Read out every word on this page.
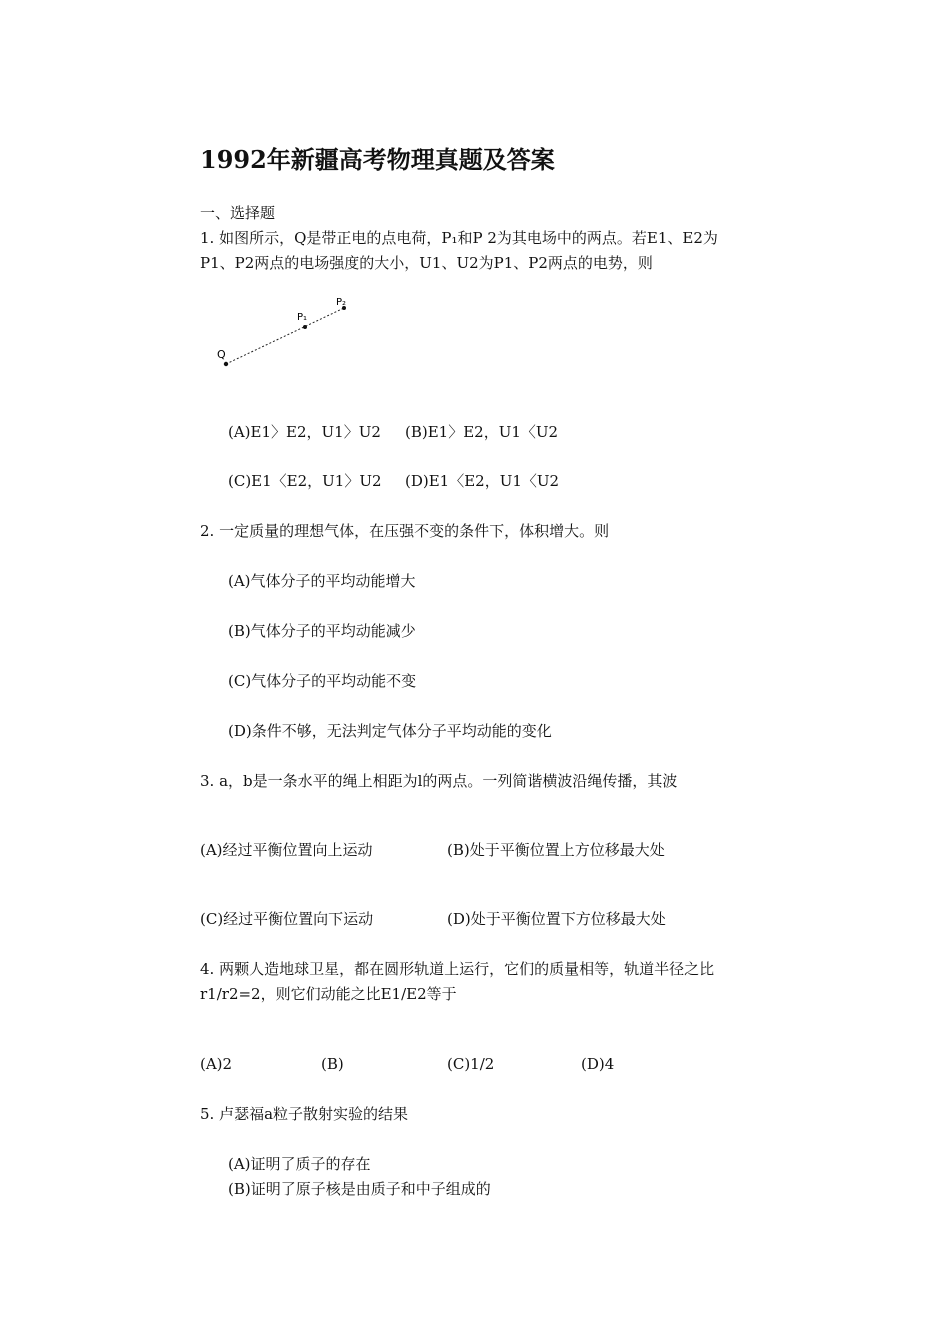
1992年新疆高考物理真题及答案
一、选择题
1. 如图所示，Q是带正电的点电荷，P₁和P 2为其电场中的两点。若E1、E2为
P1、P2两点的电场强度的大小，U1、U2为P1、P2两点的电势，则
Q
P₁
P₂
(A)E1〉E2，U1〉U2 (B)E1〉E2，U1〈U2
(C)E1〈E2，U1〉U2 (D)E1〈E2，U1〈U2
2. 一定质量的理想气体，在压强不变的条件下，体积增大。则
(A)气体分子的平均动能增大
(B)气体分子的平均动能减少
(C)气体分子的平均动能不变
(D)条件不够，无法判定气体分子平均动能的变化
3. a，b是一条水平的绳上相距为l的两点。一列简谐横波沿绳传播，其波
(A)经过平衡位置向上运动	(B)处于平衡位置上方位移最大处
(C)经过平衡位置向下运动	(D)处于平衡位置下方位移最大处
4. 两颗人造地球卫星，都在圆形轨道上运行，它们的质量相等，轨道半径之比
r1/r2=2，则它们动能之比E1/E2等于
(A)2	(B)	(C)1/2	(D)4
5. 卢瑟福a粒子散射实验的结果
(A)证明了质子的存在
(B)证明了原子核是由质子和中子组成的
